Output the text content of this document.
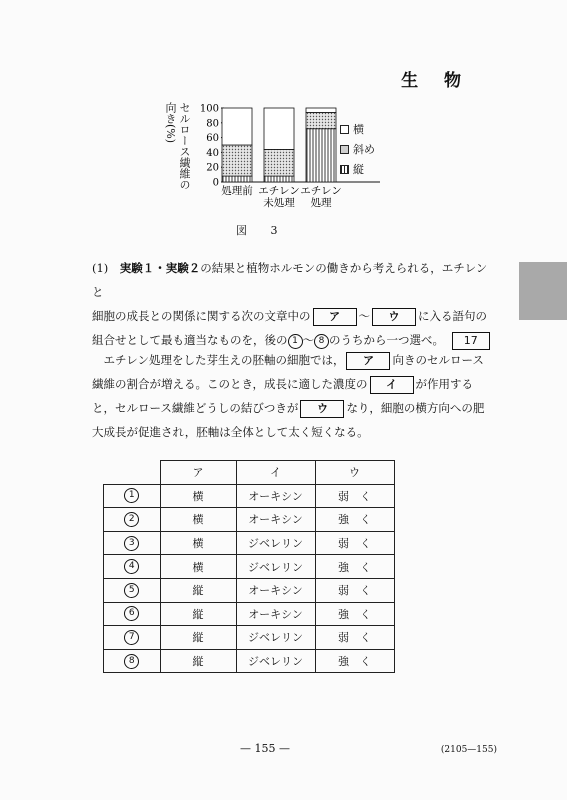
生 物
セルロース繊維の向き(%)
0
20
40
60
80
100
処理前 エチレン
未処理
エチレン
処理
横
斜め
縦
図 3
(1)　 実験１・実験２の結果と植物ホルモンの働きから考えられる，エチレンと
細胞の成長との関係に関する次の文章中の ア ～ ウ に入る語句の
組合せとして最も適当なものを，後の 1 ～ 8 のうちから一つ選べ。　 17
　エチレン処理をした芽生えの胚軸の細胞では， ア 向きのセルロース
繊維の割合が増える。このとき，成長に適した濃度の イ が作用する
と，セルロース繊維どうしの結びつきが ウ なり，細胞の横方向への肥
大成長が促進され，胚軸は全体として太く短くなる。
	ア	イ	ウ
1	横	オーキシン	弱　く
2	横	オーキシン	強　く
3	横	ジベレリン	弱　く
4	横	ジベレリン	強　く
5	縦	オーキシン	弱　く
6	縦	オーキシン	強　く
7	縦	ジベレリン	弱　く
8	縦	ジベレリン	強　く
— 155 —	(2105—155)
